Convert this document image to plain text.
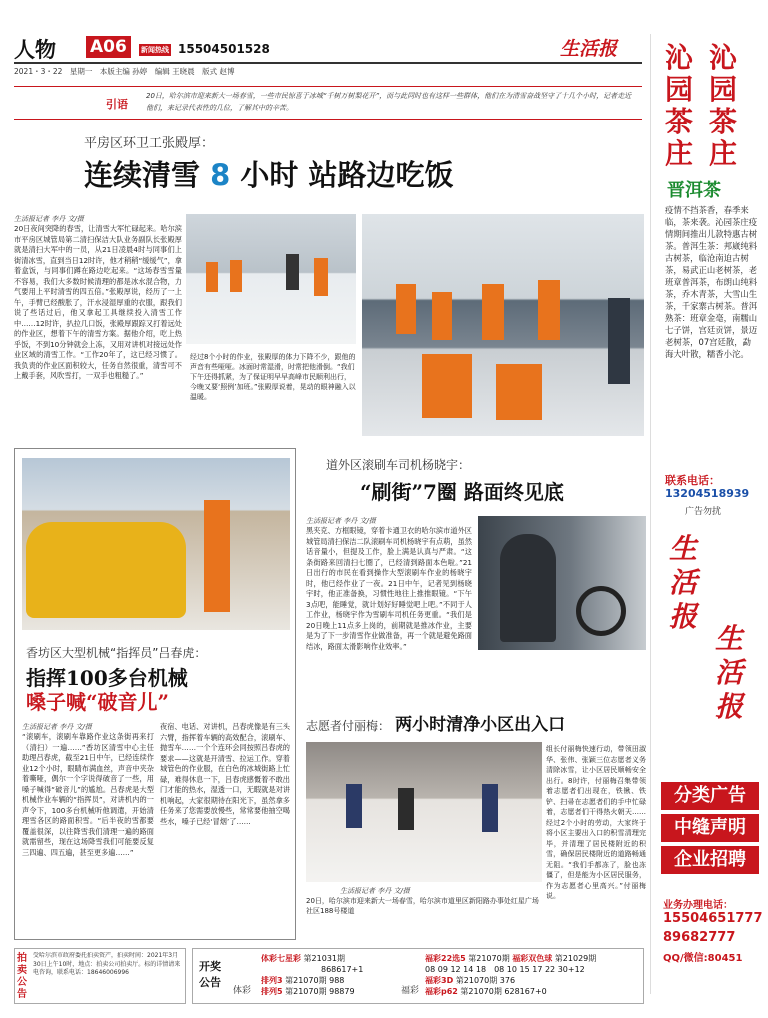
人物 A06	新闻热线 15504501528	生活报
2021・3・22　星期一　本版主编 孙婷　编辑 王晓晨　版式 赵博
引语
20日，哈尔滨市迎来新大一场春雪，一些市民惊喜于冰城“千树万树梨花开”，而与此同时也有这样一些群体，他们在为清雪奋战坚守了十几个小时，记者走近他们，来记录代表性的几位，了解其中的辛苦。
平房区环卫工张殿厚：
连续清雪 8 小时 站路边吃饭
生活报记者 李丹 文/摄
20日夜间突降的春雪，让清雪大军忙碌起来。哈尔滨市平房区城管局第二清扫保洁大队业务副队长张殿厚就是清扫大军中的一员，从21日凌晨4时与同事们上街清冰雪，直到当日12时许，他才稍稍“缓缓气”，拿着盒饭，与同事们蹲在路边吃起来。“这场春雪雪量不容易，我们大多数时候清理的都是冰水混合物，力气要用上平时清雪的四五倍。”张殿厚说，经历了一上午，手臂已经酸胀了，汗水浸湿厚重的衣服，跟我们说了些话过后，他又拿起工具继续投入清雪工作中……12时许，扒拉几口饭，张殿厚跟踪又打着远处的作业区，想着下午的清雪方案。据他介绍，吃上热乎饭，不到10分钟就会上冻，又用对讲机对接远处作业区域的清雪工作。“工作20年了，这已经习惯了。我负责的作业区面积较大，任务自然很重，清雪可不上戴手套，风吹雪打，一双手也粗糙了。”
经过8个小时的作业，张殿厚的体力下降不少，跟他的声音有些哑哑。冰面时常湿滑，时常把他滑倒。“我们下午还得抓紧，为了保证明早早高峰市民顺利出行，今晚又要‘照例’加班。”张殿厚说着，晃动的眼神融入以温暖。
香坊区大型机械“指挥员”吕春虎：
指挥100多台机械
嗓子喊“破音儿”
生活报记者 李丹 文/摄
“滚刷车，滚刷车靠路作业这条街再来打（清扫）一遍……”香坊区清雪中心主任助理吕春虎，截至21日中午，已经连续作业12个小时，眼睛布满血丝，声音中夹杂着嘶哑，偶尔一个字说得破音了一些，用嗓子喊得“破音儿”的尴尬。吕春虎是大型机械作业车辆的“指挥员”，对讲机内的一声令下，100多台机械听他调遣，开始清理雪各区的路面积雪。“后半夜的雪都要覆盖很深，以往降雪我们清理一遍的路面就需留些，现在这场降雪我们可能要反复三四遍、四五遍，甚至更多遍……”
夜宿、电话、对讲机，吕春虎像是有三头六臂，指挥着车辆的高效配合，滚刷车、抛雪车……一个个连环会同按照吕春虎的要求——这就是开清雪、拉运工作。穿着城管色的作业服，在白色的冰城街路上忙碌，难得休息一下，吕春虎感慨着不敢出门才能的热水，湿透一口，无暇就是对讲机响起，大家很期待在阳光下，虽然拿多任务来了您需要放慢些，常常要他抽空喝些水，嗓子已经‘冒烟’了……
道外区滚刷车司机杨晓宇：
“刷街”7圈 路面终见底
生活报记者 李丹 文/摄
黑夹克、方框眼镜，穿着卡通卫衣的哈尔滨市道外区城管局清扫保洁二队滚刷车司机杨晓宇有点萌，虽然话音量小，但提及工作，脸上满是认真与严肃。“这条街路来回清扫七圈了，已经清到路面本色啦。”21日出行的市民在看到操作大型滚刷车作业的杨晓宇时，他已经作业了一夜。21日中午，记者见到杨晓宇时，他正准备换，习惯性地往上推推眼镜。“下午3点吧，能睡觉，就计划好好睡觉吧上吧。”不同于人工作业，杨晓宇作为雪刷车司机任务更重。“我们是20日晚上11点多上岗的，前期就是推冰作业，主要是为了下一步清雪作业做准备，再一个就是避免路面结冰，路面太滑影响作业效率。”
志愿者付丽梅： 两小时清净小区出入口
生活报记者 李丹 文/摄
20日，哈尔滨市迎来新大一场春雪，哈尔滨市道里区新阳路办事处红星广场社区188号楼道
组长付丽梅快速行动，带领田淑华、张伟、张颖三位志愿者义务清除冰雪，让小区居民顺畅安全出行。8时许，付丽梅召集带领着志愿者们出现在，铁锹、铁铲、扫帚在志愿者们的手中忙碌着，志愿者们干得热火朝天……经过2个小时的劳动，大家终于将小区主要出入口的积雪清理完毕，并清理了居民楼附近的积雪，确保居民楼附近的道路畅通无阻。“我们手都冻了，脸也冻僵了，但是能为小区居民服务，作为志愿者心里高兴。”付丽梅说。
沁
园
茶
庄
沁
园
茶
庄
晋洱茶
疫情不挡茶香，春季来临，茶来袭。沁园茶庄疫情期间推出儿款特惠古树茶。普洱生茶：邦崴纯料古树茶，临沧南迫古树茶，易武正山老树茶，老班章普洱茶，布朗山纯料茶，乔木青茶，大雪山生茶，千家寨古树茶。普洱熟茶：班章金毫，南糯山七子饼，宫廷贡饼，景迈老树茶，07宫廷散，勐海大叶散，糯香小沱。
联系电话：
13204518939
广告勿扰
生活报
生活报
分类广告
中缝声明
企业招聘
业务办理电话：
15504651777
89682777
QQ/微信:80451
拍卖公告
受哈尔滨市政府委托拍卖资产，拍卖时间：2021年3月30日上午10时，地点：拍卖公司拍卖厅。标的详情请来电咨询，联系电话：18646006996	开奖公告
体彩
体彩七星彩 第21031期
868617+1
排列3 第21070期 988
排列5 第21070期 98879	福彩
福彩22选5 第21070期 福彩双色球 第21029期
08 09 12 14 18　 08 10 15 17 22 30+12
福彩3D 第21070期 376
福彩p62 第21070期 628167+0
